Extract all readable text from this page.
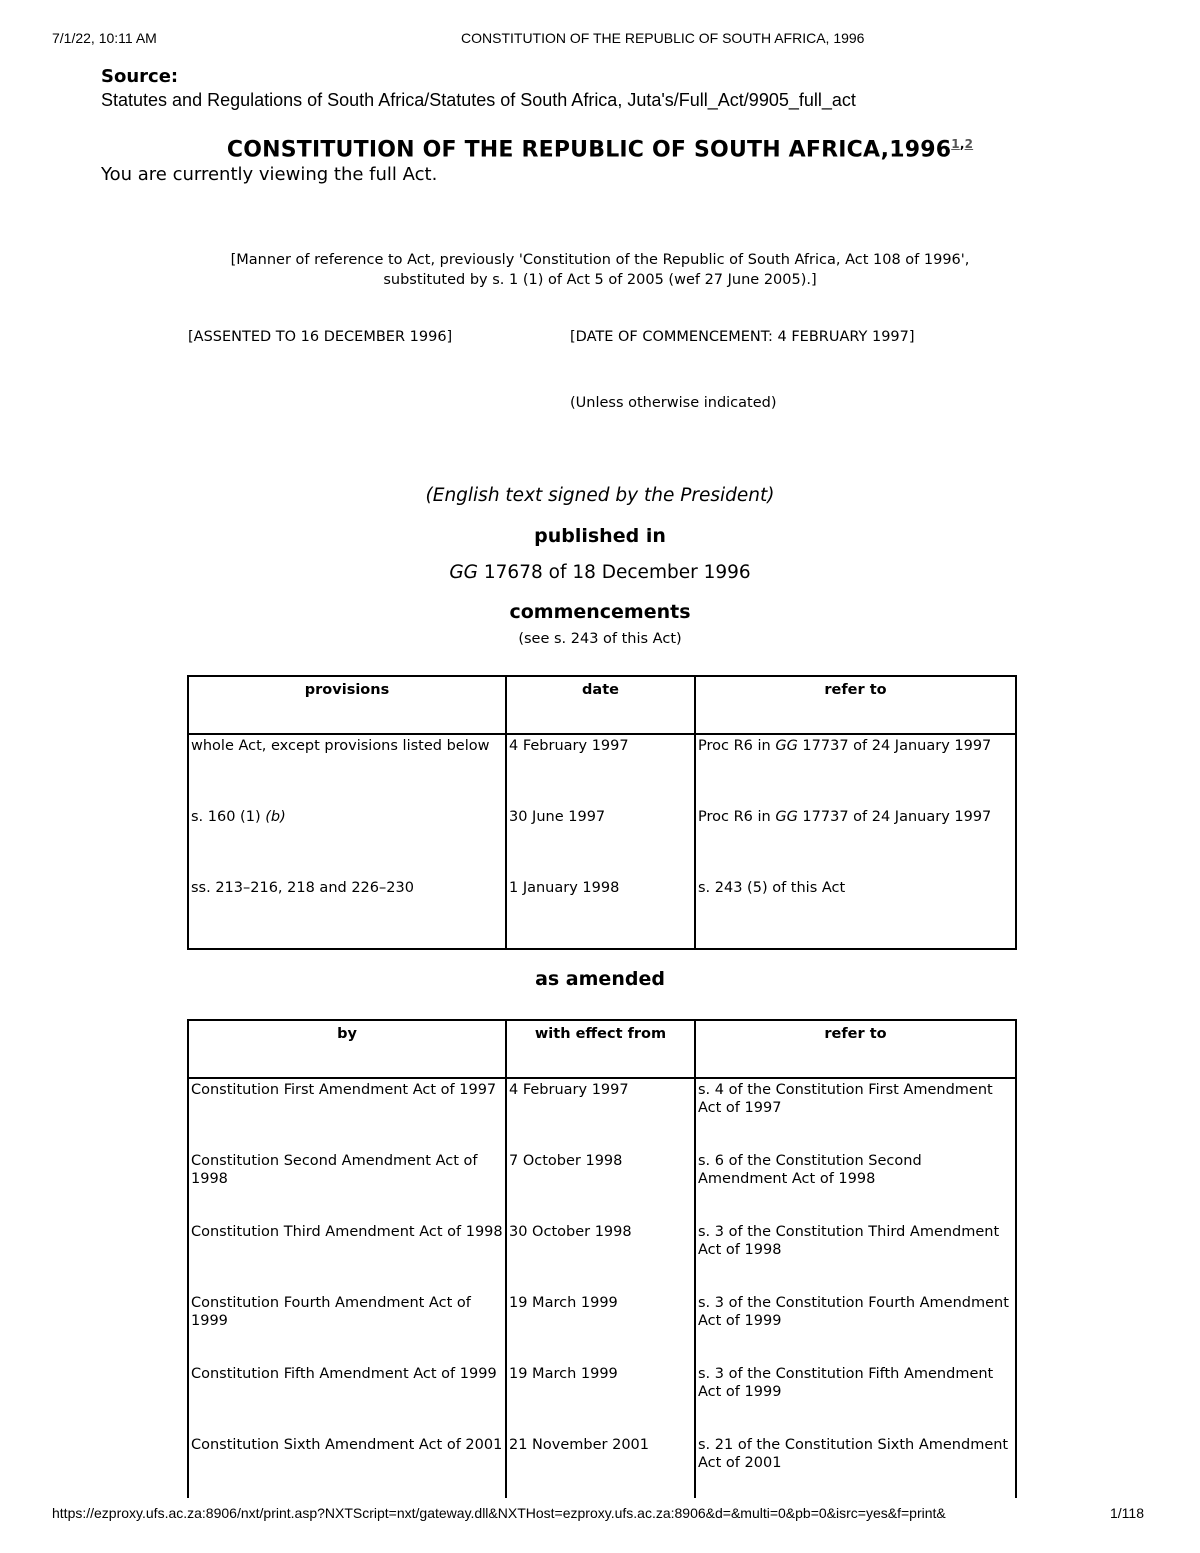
7/1/22, 10:11 AM	CONSTITUTION OF THE REPUBLIC OF SOUTH AFRICA, 1996
Source:
Statutes and Regulations of South Africa/Statutes of South Africa, Juta's/Full_Act/9905_full_act
CONSTITUTION OF THE REPUBLIC OF SOUTH AFRICA,1996$^{1,2}$
You are currently viewing the full Act.
[Manner of reference to Act, previously 'Constitution of the Republic of South Africa, Act 108 of 1996',
substituted by s. 1 (1) of Act 5 of 2005 (wef 27 June 2005).]
[ASSENTED TO 16 DECEMBER 1996]	[DATE OF COMMENCEMENT: 4 FEBRUARY 1997]
(Unless otherwise indicated)
(English text signed by the President)
published in
GG 17678 of 18 December 1996
commencements
(see s. 243 of this Act)
provisions	date	refer to
whole Act, except provisions listed below	4 February 1997	Proc R6 in GG 17737 of 24 January 1997
s. 160 (1) (b)	30 June 1997	Proc R6 in GG 17737 of 24 January 1997
ss. 213–216, 218 and 226–230	1 January 1998	s. 243 (5) of this Act
as amended
by	with effect from	refer to
Constitution First Amendment Act of 1997	4 February 1997	s. 4 of the Constitution First Amendment Act of 1997
Constitution Second Amendment Act of 1998	7 October 1998	s. 6 of the Constitution Second Amendment Act of 1998
Constitution Third Amendment Act of 1998	30 October 1998	s. 3 of the Constitution Third Amendment Act of 1998
Constitution Fourth Amendment Act of 1999	19 March 1999	s. 3 of the Constitution Fourth Amendment Act of 1999
Constitution Fifth Amendment Act of 1999	19 March 1999	s. 3 of the Constitution Fifth Amendment Act of 1999
Constitution Sixth Amendment Act of 2001	21 November 2001	s. 21 of the Constitution Sixth Amendment Act of 2001
https://ezproxy.ufs.ac.za:8906/nxt/print.asp?NXTScript=nxt/gateway.dll&NXTHost=ezproxy.ufs.ac.za:8906&d=&multi=0&pb=0&isrc=yes&f=print&	1/118
